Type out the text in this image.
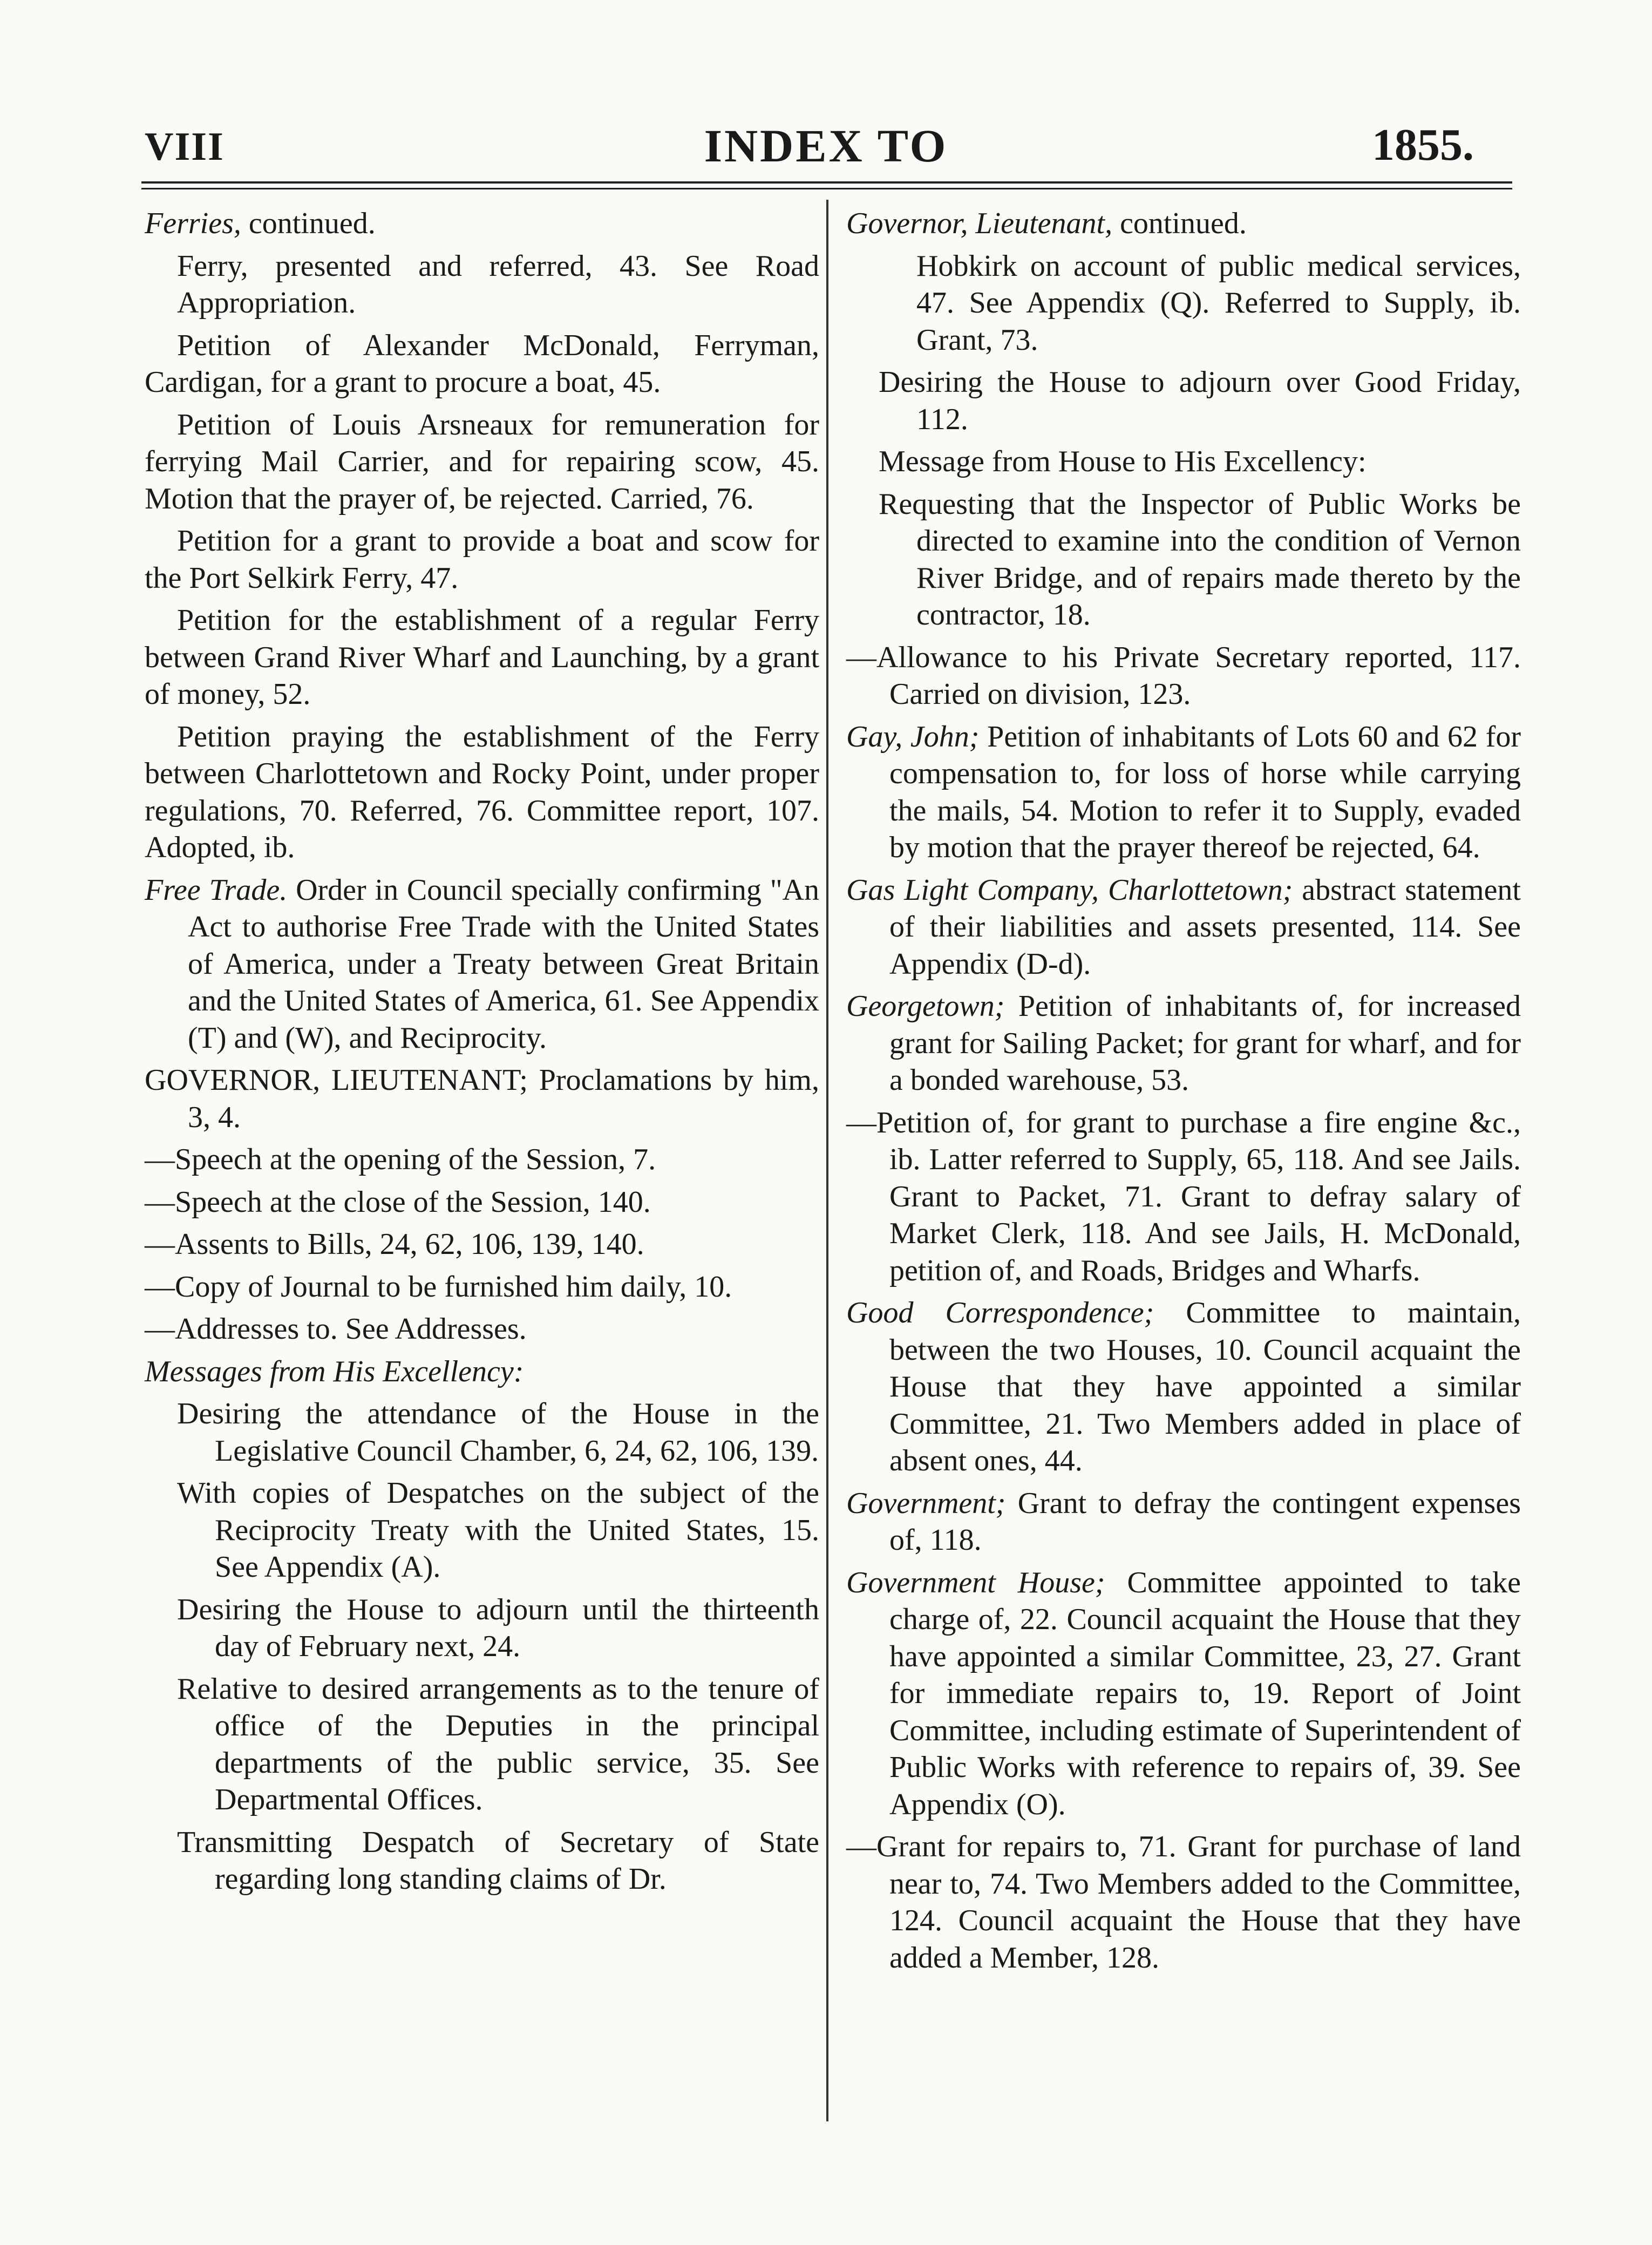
VIII	INDEX TO	1855.

Ferries, continued.

Ferry, presented and referred, 43. See Road Appropriation.

Petition of Alexander McDonald, Ferryman, Cardigan, for a grant to procure a boat, 45.

Petition of Louis Arsneaux for remuneration for ferrying Mail Carrier, and for repairing scow, 45. Motion that the prayer of, be rejected. Carried, 76.

Petition for a grant to provide a boat and scow for the Port Selkirk Ferry, 47.

Petition for the establishment of a regular Ferry between Grand River Wharf and Launching, by a grant of money, 52.

Petition praying the establishment of the Ferry between Charlottetown and Rocky Point, under proper regulations, 70. Referred, 76. Committee report, 107. Adopted, ib.

Free Trade. Order in Council specially confirming "An Act to authorise Free Trade with the United States of America, under a Treaty between Great Britain and the United States of America, 61. See Appendix (T) and (W), and Reciprocity.

GOVERNOR, LIEUTENANT; Proclamations by him, 3, 4.

—Speech at the opening of the Session, 7.

—Speech at the close of the Session, 140.

—Assents to Bills, 24, 62, 106, 139, 140.

—Copy of Journal to be furnished him daily, 10.

—Addresses to. See Addresses.

Messages from His Excellency:

Desiring the attendance of the House in the Legislative Council Chamber, 6, 24, 62, 106, 139.

With copies of Despatches on the subject of the Reciprocity Treaty with the United States, 15. See Appendix (A).

Desiring the House to adjourn until the thirteenth day of February next, 24.

Relative to desired arrangements as to the tenure of office of the Deputies in the principal departments of the public service, 35. See Departmental Offices.

Transmitting Despatch of Secretary of State regarding long standing claims of Dr.

Governor, Lieutenant, continued.

Hobkirk on account of public medical services, 47. See Appendix (Q). Referred to Supply, ib. Grant, 73.

Desiring the House to adjourn over Good Friday, 112.

Message from House to His Excellency:

Requesting that the Inspector of Public Works be directed to examine into the condition of Vernon River Bridge, and of repairs made thereto by the contractor, 18.

—Allowance to his Private Secretary reported, 117. Carried on division, 123.

Gay, John; Petition of inhabitants of Lots 60 and 62 for compensation to, for loss of horse while carrying the mails, 54. Motion to refer it to Supply, evaded by motion that the prayer thereof be rejected, 64.

Gas Light Company, Charlottetown; abstract statement of their liabilities and assets presented, 114. See Appendix (D-d).

Georgetown; Petition of inhabitants of, for increased grant for Sailing Packet; for grant for wharf, and for a bonded warehouse, 53.

—Petition of, for grant to purchase a fire engine &c., ib. Latter referred to Supply, 65, 118. And see Jails. Grant to Packet, 71. Grant to defray salary of Market Clerk, 118. And see Jails, H. McDonald, petition of, and Roads, Bridges and Wharfs.

Good Correspondence; Committee to maintain, between the two Houses, 10. Council acquaint the House that they have appointed a similar Committee, 21. Two Members added in place of absent ones, 44.

Government; Grant to defray the contingent expenses of, 118.

Government House; Committee appointed to take charge of, 22. Council acquaint the House that they have appointed a similar Committee, 23, 27. Grant for immediate repairs to, 19. Report of Joint Committee, including estimate of Superintendent of Public Works with reference to repairs of, 39. See Appendix (O).

—Grant for repairs to, 71. Grant for purchase of land near to, 74. Two Members added to the Committee, 124. Council acquaint the House that they have added a Member, 128.
